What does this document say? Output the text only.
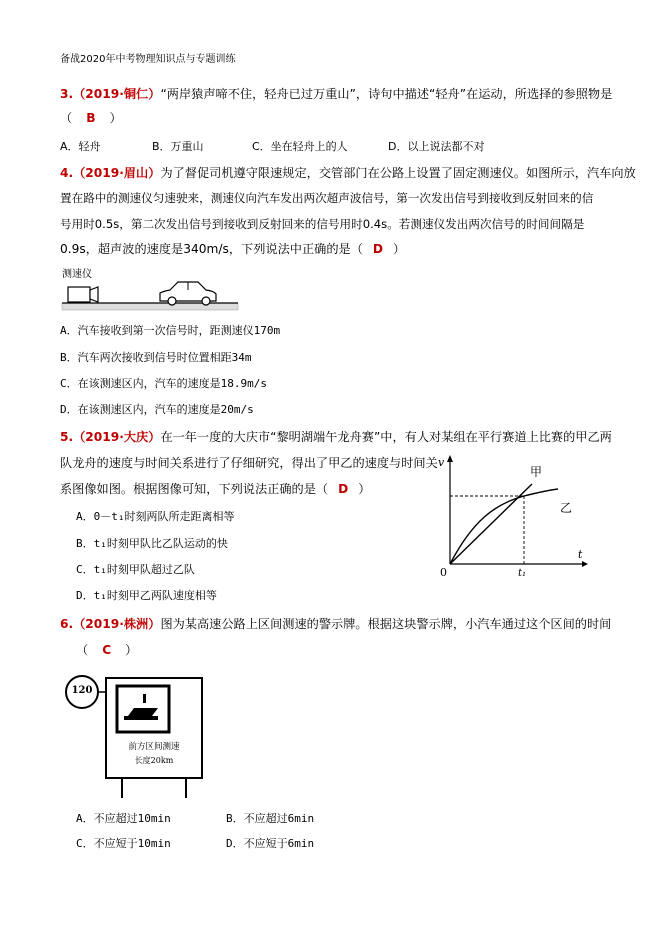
备战2020年中考物理知识点与专题训练
3.（2019·铜仁）“两岸猿声啼不住，轻舟已过万重山”，诗句中描述“轻舟”在运动，所选择的参照物是
（ B ）
A．轻舟	B．万重山	C．坐在轻舟上的人	D．以上说法都不对
4.（2019·眉山）为了督促司机遵守限速规定，交管部门在公路上设置了固定测速仪。如图所示，汽车向放
置在路中的测速仪匀速驶来，测速仪向汽车发出两次超声波信号，第一次发出信号到接收到反射回来的信
号用时0.5s，第二次发出信号到接收到反射回来的信号用时0.4s。若测速仪发出两次信号的时间间隔是
0.9s，超声波的速度是340m/s，下列说法中正确的是（ D ）
测速仪
A．汽车接收到第一次信号时，距测速仪170m
B．汽车两次接收到信号时位置相距34m
C．在该测速区内，汽车的速度是18.9m/s
D．在该测速区内，汽车的速度是20m/s
5.（2019·大庆）在一年一度的大庆市“黎明湖端午龙舟赛”中，有人对某组在平行赛道上比赛的甲乙两
队龙舟的速度与时间关系进行了仔细研究，得出了甲乙的速度与时间关
系图像如图。根据图像可知，下列说法正确的是（ D ）
A．0－t₁时刻两队所走距离相等
B．t₁时刻甲队比乙队运动的快
C．t₁时刻甲队超过乙队
D．t₁时刻甲乙两队速度相等
v
t
0	t₁
甲
乙
6.（2019·株洲）图为某高速公路上区间测速的警示牌。根据这块警示牌，小汽车通过这个区间的时间
（ C ）
120
前方区间测速
长度20km
A．不应超过10min	B．不应超过6min
C．不应短于10min	D．不应短于6min
